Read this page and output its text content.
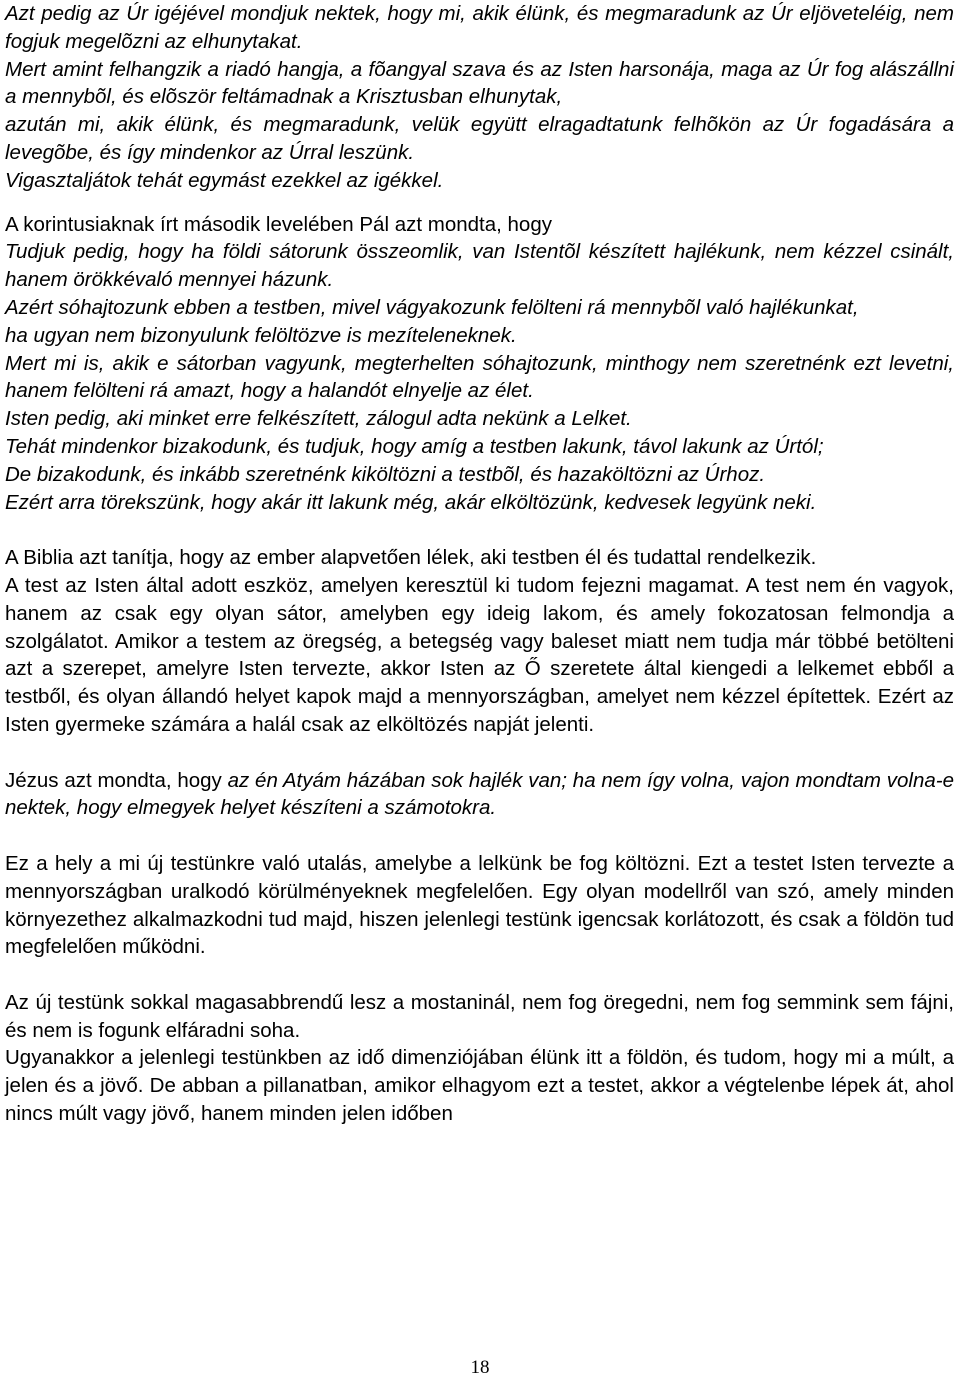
Azt pedig az Úr igéjével mondjuk nektek, hogy mi, akik élünk, és megmaradunk az Úr eljöveteléig, nem fogjuk megelõzni az elhunytakat.

Mert amint felhangzik a riadó hangja, a fõangyal szava és az Isten harsonája, maga az Úr fog alászállni a mennybõl, és elõször feltámadnak a Krisztusban elhunytak,

azután mi, akik élünk, és megmaradunk, velük együtt elragadtatunk felhõkön az Úr fogadására a levegõbe, és így mindenkor az Úrral leszünk.

Vigasztaljátok tehát egymást ezekkel az igékkel.

A korintusiaknak írt második levelében Pál azt mondta, hogy

Tudjuk pedig, hogy ha földi sátorunk összeomlik, van Istentõl készített hajlékunk, nem kézzel csinált, hanem örökkévaló mennyei házunk.

Azért sóhajtozunk ebben a testben, mivel vágyakozunk felölteni rá mennybõl való hajlékunkat,

ha ugyan nem bizonyulunk felöltözve is mezíteleneknek.

Mert mi is, akik e sátorban vagyunk, megterhelten sóhajtozunk, minthogy nem szeretnénk ezt levetni, hanem felölteni rá amazt, hogy a halandót elnyelje az élet.

Isten pedig, aki minket erre felkészített, zálogul adta nekünk a Lelket.

Tehát mindenkor bizakodunk, és tudjuk, hogy amíg a testben lakunk, távol lakunk az Úrtól;

De bizakodunk, és inkább szeretnénk kiköltözni a testbõl, és hazaköltözni az Úrhoz.

Ezért arra törekszünk, hogy akár itt lakunk még, akár elköltözünk, kedvesek legyünk neki.

A Biblia azt tanítja, hogy az ember alapvetően lélek, aki testben él és tudattal rendelkezik.

A test az Isten által adott eszköz, amelyen keresztül ki tudom fejezni magamat. A test nem én vagyok, hanem az csak egy olyan sátor, amelyben egy ideig lakom, és amely fokozatosan felmondja a szolgálatot. Amikor a testem az öregség, a betegség vagy baleset miatt nem tudja már többé betölteni azt a szerepet, amelyre Isten tervezte, akkor Isten az Ő szeretete által kiengedi a lelkemet ebből a testből, és olyan állandó helyet kapok majd a mennyországban, amelyet nem kézzel építettek. Ezért az Isten gyermeke számára a halál csak az elköltözés napját jelenti.

Jézus azt mondta, hogy az én Atyám házában sok hajlék van; ha nem így volna, vajon mondtam volna-e nektek, hogy elmegyek helyet készíteni a számotokra.

Ez a hely a mi új testünkre való utalás, amelybe a lelkünk be fog költözni. Ezt a testet Isten tervezte a mennyországban uralkodó körülményeknek megfelelően. Egy olyan modellről van szó, amely minden környezethez alkalmazkodni tud majd, hiszen jelenlegi testünk igencsak korlátozott, és csak a földön tud megfelelően működni.

Az új testünk sokkal magasabbrendű lesz a mostaninál, nem fog öregedni, nem fog semmink sem fájni, és nem is fogunk elfáradni soha.

Ugyanakkor a jelenlegi testünkben az idő dimenziójában élünk itt a földön, és tudom, hogy mi a múlt, a jelen és a jövő. De abban a pillanatban, amikor elhagyom ezt a testet, akkor a végtelenbe lépek át, ahol nincs múlt vagy jövő, hanem minden jelen időben

18
